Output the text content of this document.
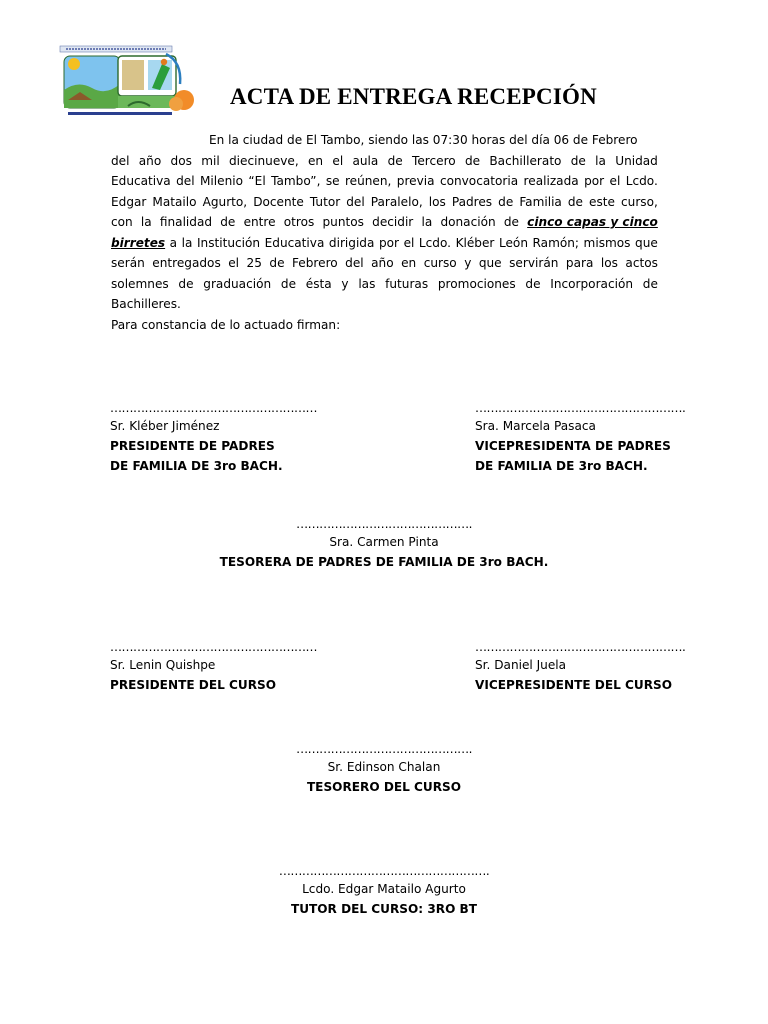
ACTA DE ENTREGA RECEPCIÓN
En la ciudad de El Tambo, siendo las 07:30 horas del día 06 de Febrero
del año dos mil diecinueve, en el aula de Tercero de Bachillerato de la Unidad
Educativa del Milenio “El Tambo”, se reúnen, previa convocatoria realizada por el Lcdo.
Edgar Matailo Agurto, Docente Tutor del Paralelo, los Padres de Familia de este curso,
con la finalidad de entre otros puntos decidir la donación de cinco capas y cinco
birretes a la Institución Educativa dirigida por el Lcdo. Kléber León Ramón; mismos que
serán entregados el 25 de Febrero del año en curso y que servirán para los actos
solemnes de graduación de ésta y las futuras promociones de Incorporación de
Bachilleres.
Para constancia de lo actuado firman:
………………………………………………
Sr. Kléber Jiménez
PRESIDENTE DE PADRES
DE FAMILIA DE 3ro BACH.
……………………………………………….
Sra. Marcela Pasaca
VICEPRESIDENTA DE PADRES
DE FAMILIA DE 3ro BACH.
……………………………………….
Sra. Carmen Pinta
TESORERA DE PADRES DE FAMILIA DE 3ro BACH.
………………………………………………
Sr. Lenin Quishpe
PRESIDENTE DEL CURSO
……………………………………………….
Sr. Daniel Juela
VICEPRESIDENTE DEL CURSO
……………………………………….
Sr. Edinson Chalan
TESORERO DEL CURSO
……………………………………………….
Lcdo. Edgar Matailo Agurto
TUTOR DEL CURSO: 3RO BT
